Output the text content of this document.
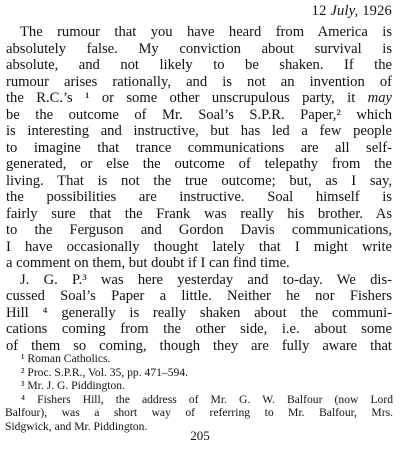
12 July, 1926
The rumour that you have heard from America is
absolutely false. My conviction about survival is
absolute, and not likely to be shaken. If the
rumour arises rationally, and is not an invention of
the R.C.’s ¹ or some other unscrupulous party, it may
be the outcome of Mr. Soal’s S.P.R. Paper,² which
is interesting and instructive, but has led a few people
to imagine that trance communications are all self-
generated, or else the outcome of telepathy from the
living. That is not the true outcome; but, as I say,
the possibilities are instructive. Soal himself is
fairly sure that the Frank was really his brother. As
to the Ferguson and Gordon Davis communications,
I have occasionally thought lately that I might write
a comment on them, but doubt if I can find time.
J. G. P.³ was here yesterday and to-day. We dis-
cussed Soal’s Paper a little. Neither he nor Fishers
Hill ⁴ generally is really shaken about the communi-
cations coming from the other side, i.e. about some
of them so coming, though they are fully aware that
¹ Roman Catholics.
² Proc. S.P.R., Vol. 35, pp. 471–594.
³ Mr. J. G. Piddington.
⁴ Fishers Hill, the address of Mr. G. W. Balfour (now Lord
Balfour), was a short way of referring to Mr. Balfour, Mrs.
Sidgwick, and Mr. Piddington.
205
